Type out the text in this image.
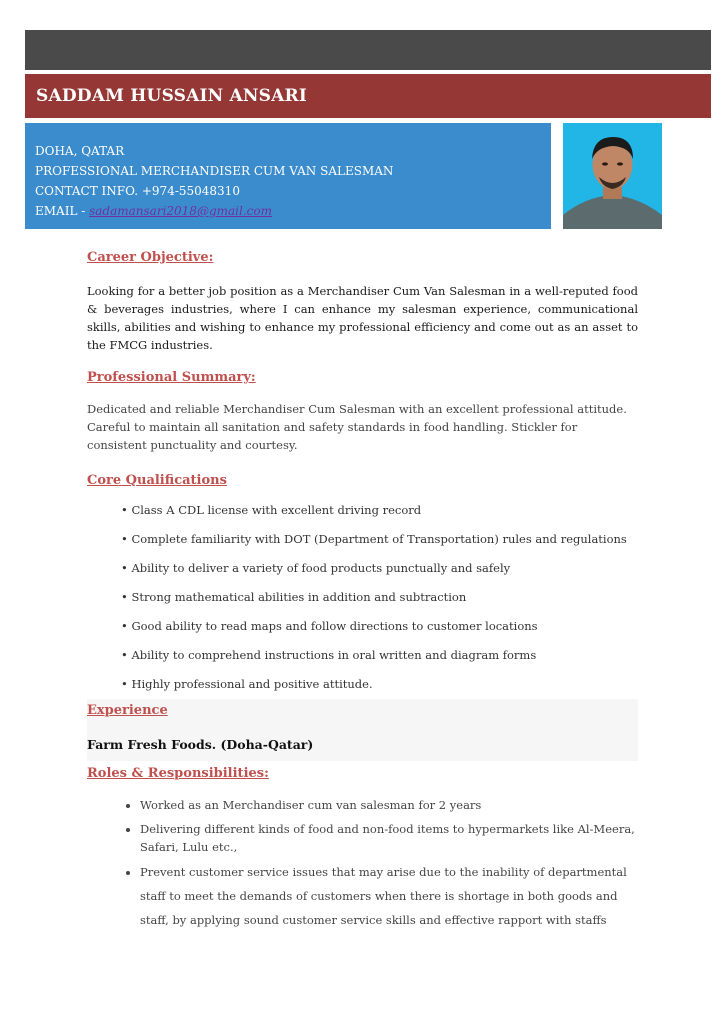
SADDAM HUSSAIN ANSARI
DOHA, QATAR
PROFESSIONAL MERCHANDISER CUM VAN SALESMAN
CONTACT INFO. +974-55048310
EMAIL - sadamansari2018@gmail.com

Career Objective:

Looking for a better job position as a Merchandiser Cum Van Salesman in a well-reputed food & beverages industries, where I can enhance my salesman experience, communicational skills, abilities and wishing to enhance my professional efficiency and come out as an asset to the FMCG industries.

Professional Summary:

Dedicated and reliable Merchandiser Cum Salesman with an excellent professional attitude. Careful to maintain all sanitation and safety standards in food handling. Stickler for consistent punctuality and courtesy.

Core Qualifications

• Class A CDL license with excellent driving record
• Complete familiarity with DOT (Department of Transportation) rules and regulations
• Ability to deliver a variety of food products punctually and safely
• Strong mathematical abilities in addition and subtraction
• Good ability to read maps and follow directions to customer locations
• Ability to comprehend instructions in oral written and diagram forms
• Highly professional and positive attitude.

Experience

Farm Fresh Foods. (Doha-Qatar)

Roles & Responsibilities:

• Worked as an Merchandiser cum van salesman for 2 years
• Delivering different kinds of food and non-food items to hypermarkets like Al-Meera, Safari, Lulu etc.,
• Prevent customer service issues that may arise due to the inability of departmental staff to meet the demands of customers when there is shortage in both goods and staff, by applying sound customer service skills and effective rapport with staffs
